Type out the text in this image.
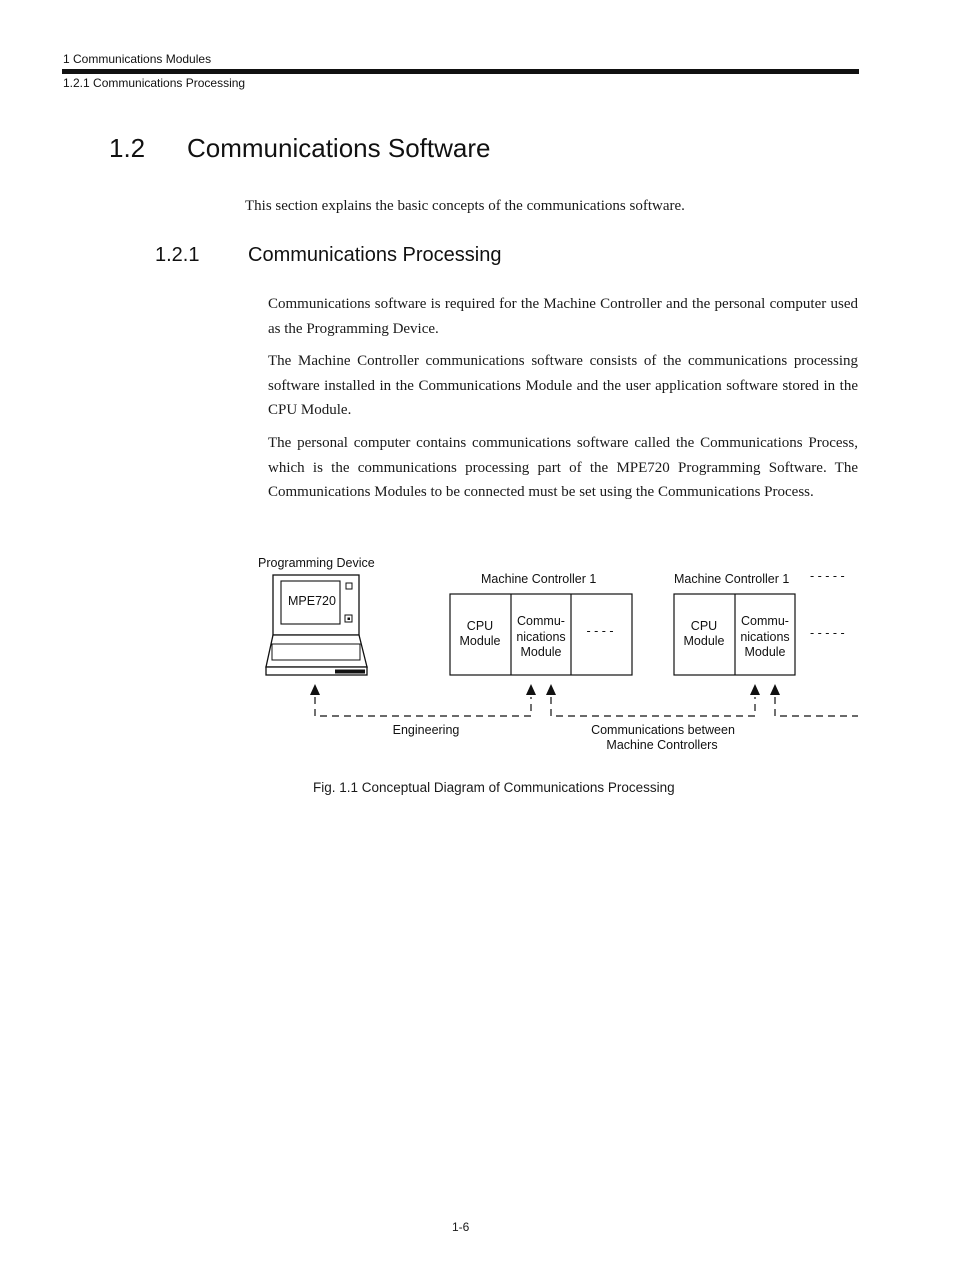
1 Communications Modules
1.2.1 Communications Processing
1.2 Communications Software
This section explains the basic concepts of the communications software.
1.2.1 Communications Processing

Communications software is required for the Machine Controller and the personal computer used as the Programming Device.

The Machine Controller communications software consists of the communications processing software installed in the Communications Module and the user application software stored in the CPU Module.

The personal computer contains communications software called the Communications Process, which is the communications processing part of the MPE720 Programming Software. The Communications Modules to be connected must be set using the Communications Process.

Programming Device
MPE720
Machine Controller 1
CPU
Module
Commu-
nications
Module
- - - -
Machine Controller 1
CPU
Module
Commu-
nications
Module
- - - - -
- - - - -
Engineering	Communications between
Machine Controllers
Fig. 1.1 Conceptual Diagram of Communications Processing
1-6
